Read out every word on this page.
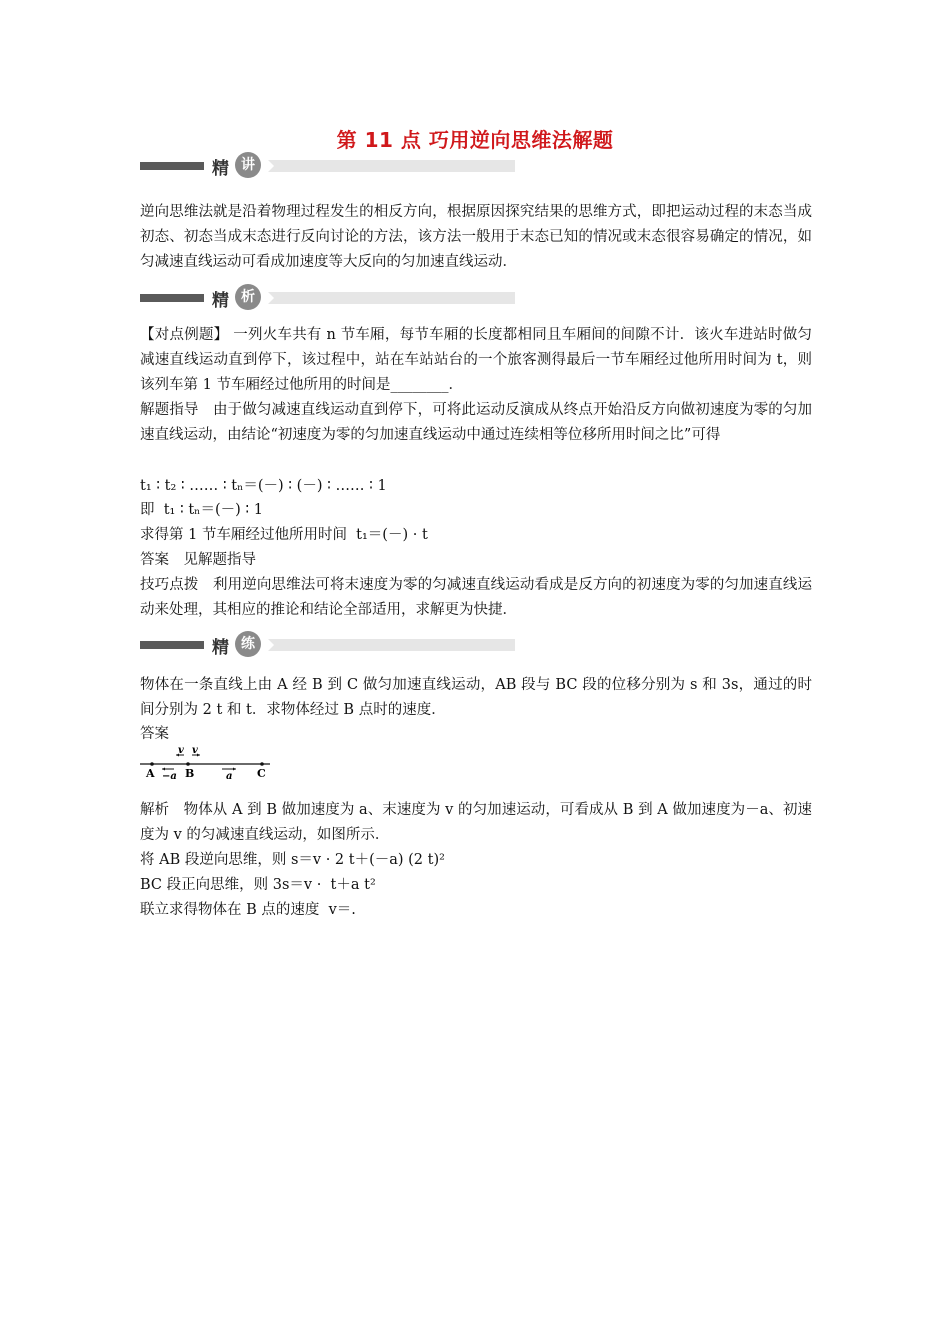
第 11 点 巧用逆向思维法解题
精 讲
逆向思维法就是沿着物理过程发生的相反方向，根据原因探究结果的思维方式，即把运动过程的末态当成初态、初态当成末态进行反向讨论的方法，该方法一般用于末态已知的情况或末态很容易确定的情况，如匀减速直线运动可看成加速度等大反向的匀加速直线运动．
精 析
【对点例题】 一列火车共有 n 节车厢，每节车厢的长度都相同且车厢间的间隙不计．该火车进站时做匀减速直线运动直到停下，该过程中，站在车站站台的一个旅客测得最后一节车厢经过他所用时间为 t，则该列车第 1 节车厢经过他所用的时间是________．
解题指导　由于做匀减速直线运动直到停下，可将此运动反演成从终点开始沿反方向做初速度为零的匀加速直线运动，由结论“初速度为零的匀加速直线运动中通过连续相等位移所用时间之比”可得
t₁ ∶ t₂ ∶ …… ∶ tₙ＝(－) ∶ (－) ∶ …… ∶ 1
即  t₁ ∶ tₙ＝(－) ∶ 1
求得第 1 节车厢经过他所用时间  t₁＝(－) · t
答案　见解题指导
技巧点拨　利用逆向思维法可将末速度为零的匀减速直线运动看成是反方向的初速度为零的匀加速直线运动来处理，其相应的推论和结论全部适用，求解更为快捷．
精 练
物体在一条直线上由 A 经 B 到 C 做匀加速直线运动，AB 段与 BC 段的位移分别为 s 和 3s，通过的时间分别为 2 t 和 t．求物体经过 B 点时的速度．
答案
v v
A −a B	a C
解析　物体从 A 到 B 做加速度为 a、末速度为 v 的匀加速运动，可看成从 B 到 A 做加速度为－a、初速度为 v 的匀减速直线运动，如图所示．
将 AB 段逆向思维，则 s＝v · 2 t＋(－a) (2 t)²
BC 段正向思维，则 3s＝v ·  t＋a t²
联立求得物体在 B 点的速度  v＝.
